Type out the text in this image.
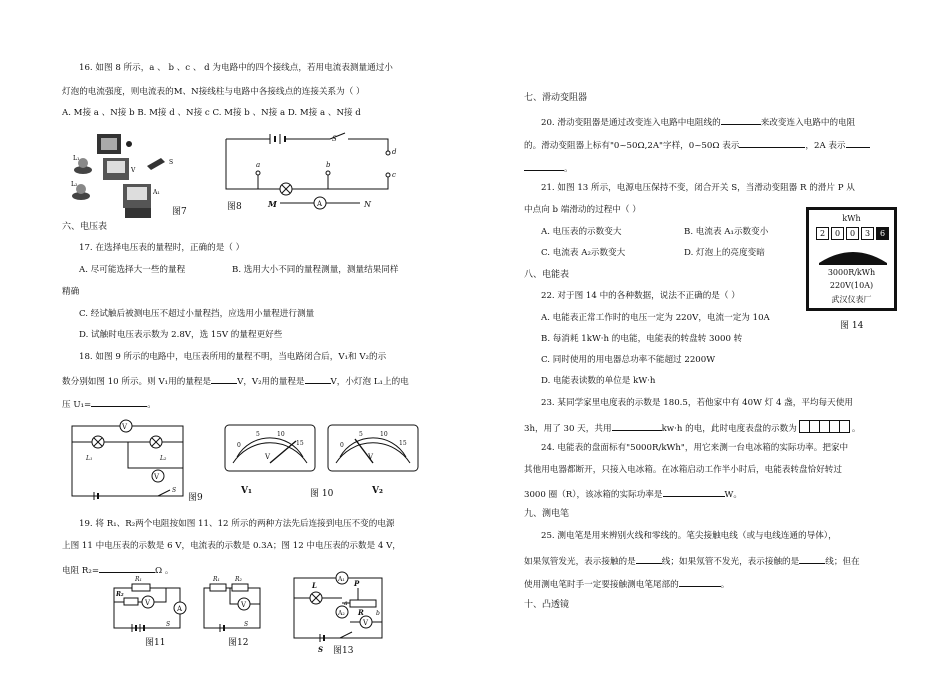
16. 如图 8 所示，a 、 b 、c 、 d 为电路中的四个接线点，若用电流表测量通过小
灯泡的电流强度，则电流表的M、N接线柱与电路中各接线点的连接关系为（ ）
A. M接 a 、N接 b B. M接 d 、N接 c C. M接 b 、N接 a D. M接 a 、N接 d
L₁
V
S
L₂
A₁
图7
a	b
d
c
S
M	A	N
图8
六、电压表
17. 在选择电压表的量程时，正确的是（ ）
A. 尽可能选择大一些的量程	B. 选用大小不同的量程测量，测量结果同样
精确
C. 经试触后被测电压不超过小量程挡，应选用小量程进行测量
D. 试触时电压表示数为 2.8V，选 15V 的量程更好些
18. 如图 9 所示的电路中，电压表所用的量程不明，当电路闭合后，V₁和 V₂的示
数分别如图 10 所示。则 V₁用的量程是	V，V₂用的量程是	V，小灯泡 L₁上的电
压 U₁=	。
V
V
L₁	L₂
S
图9
0
5	10
15
V
0
5	10
15
V
V₁	图 10	V₂
19. 将 R₁、R₂两个电阻按如图 11、12 所示的两种方法先后连接到电压不变的电源
上图 11 中电压表的示数是 6 V，电流表的示数是 0.3A；图 12 中电压表的示数是 4 V，
电阻 R₂=	Ω 。
R₁
R₂
V
A
S
图11
R₁	R₂
V
S
图12
A₁
L	P
a
R b
A₂
V
S 图13
七、滑动变阻器
20. 滑动变阻器是通过改变连入电路中电阻线的	来改变连入电路中的电阻
的。滑动变阻器上标有"0~50Ω,2A"字样，0~50Ω 表示	，2A 表示
。
21. 如图 13 所示，电源电压保持不变，闭合开关 S，当滑动变阻器 R 的滑片 P 从
中点向 b 端滑动的过程中（ ）
A. 电压表的示数变大	B. 电流表 A₁示数变小
C. 电流表 A₂示数变大	D. 灯泡上的亮度变暗
kWh
2	0	0	3	6
3000R/kWh
220V(10A)
武汉仪表厂
图 14
八、电能表
22. 对于图 14 中的各种数据，说法不正确的是（ ）
A. 电能表正常工作时的电压一定为 220V，电流一定为 10A
B. 每消耗 1kW·h 的电能，电能表的转盘转 3000 转
C. 同时使用的用电器总功率不能超过 2200W
D. 电能表读数的单位是 kW·h
23. 某同学家里电度表的示数是 180.5，若他家中有 40W 灯 4 盏，平均每天使用
3h，用了 30 天，共用	kw·h 的电，此时电度表盘的示数为	。
24. 电能表的盘面标有"5000R/kWh"，用它来测一台电冰箱的实际功率。把家中
其他用电器都断开，只接入电冰箱。在冰箱启动工作半小时后，电能表转盘恰好转过
3000 圈（R），该冰箱的实际功率是	W。
九、测电笔
25. 测电笔是用来辨别火线和零线的。笔尖接触电线（或与电线连通的导体），
如果氖管发光，表示接触的是	线；如果氖管不发光，表示接触的是	线；但在
使用测电笔时手一定要接触测电笔尾部的	。
十、凸透镜
